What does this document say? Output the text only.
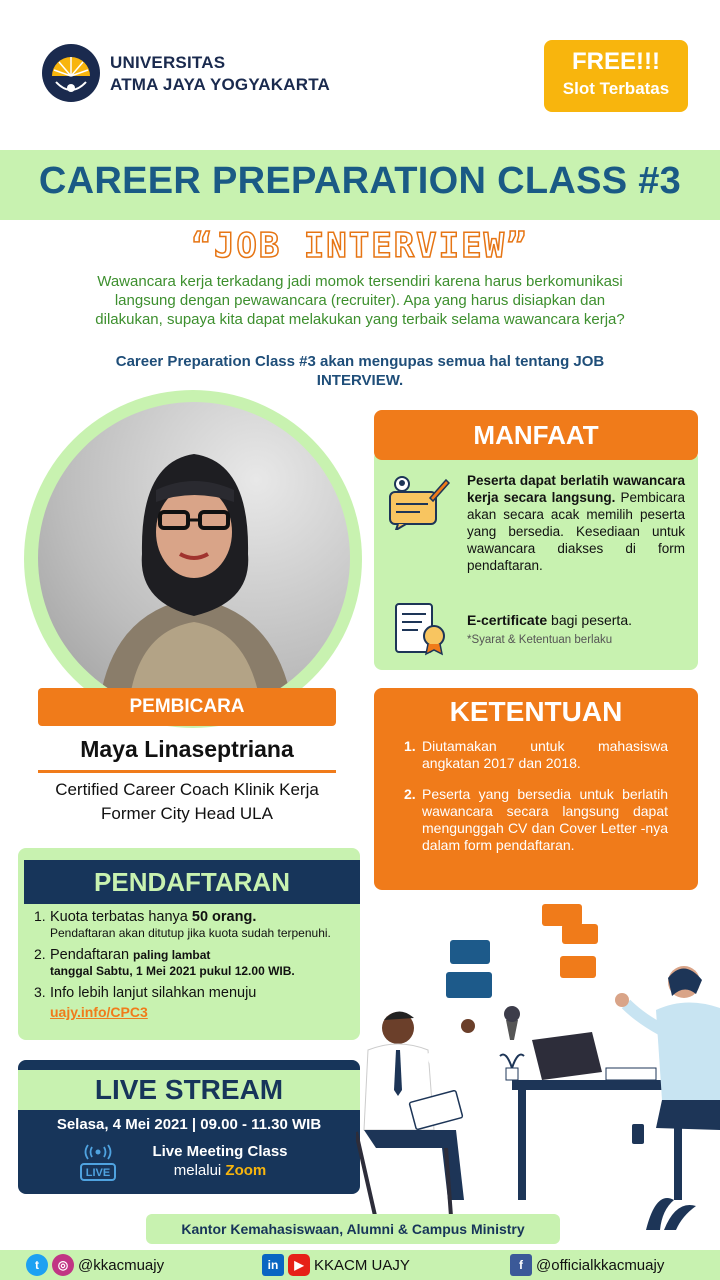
UNIVERSITAS
ATMA JAYA YOGYAKARTA
FREE!!!
Slot Terbatas
CAREER PREPARATION CLASS #3
“JOB INTERVIEW”
Wawancara kerja terkadang jadi momok tersendiri karena harus berkomunikasi langsung dengan pewawancara (recruiter). Apa yang harus disiapkan dan dilakukan, supaya kita dapat melakukan yang terbaik selama wawancara kerja?
Career Preparation Class #3 akan mengupas semua hal tentang JOB INTERVIEW.
PEMBICARA
Maya Linaseptriana
Certified Career Coach Klinik Kerja
Former City Head ULA
MANFAAT
Peserta dapat berlatih wawancara kerja secara langsung. Pembicara akan secara acak memilih peserta yang bersedia. Kesediaan untuk wawancara diakses di form pendaftaran.
E-certificate bagi peserta.
*Syarat & Ketentuan berlaku
KETENTUAN
1. Diutamakan untuk mahasiswa angkatan 2017 dan 2018.
2. Peserta yang bersedia untuk berlatih wawancara secara langsung dapat mengunggah CV dan Cover Letter -nya dalam form pendaftaran.
PENDAFTARAN
1. Kuota terbatas hanya 50 orang.
Pendaftaran akan ditutup jika kuota sudah terpenuhi.
2. Pendaftaran paling lambat
tanggal Sabtu, 1 Mei 2021 pukul 12.00 WIB.
3. Info lebih lanjut silahkan menuju
uajy.info/CPC3
LIVE STREAM
Selasa, 4 Mei 2021 | 09.00 - 11.30 WIB
LIVE
Live Meeting Class
melalui Zoom
Kantor Kemahasiswaan, Alumni & Campus Ministry
t	◎ @kkacmuajy	in	▶ KKACM UAJY	f @officialkkacmuajy
